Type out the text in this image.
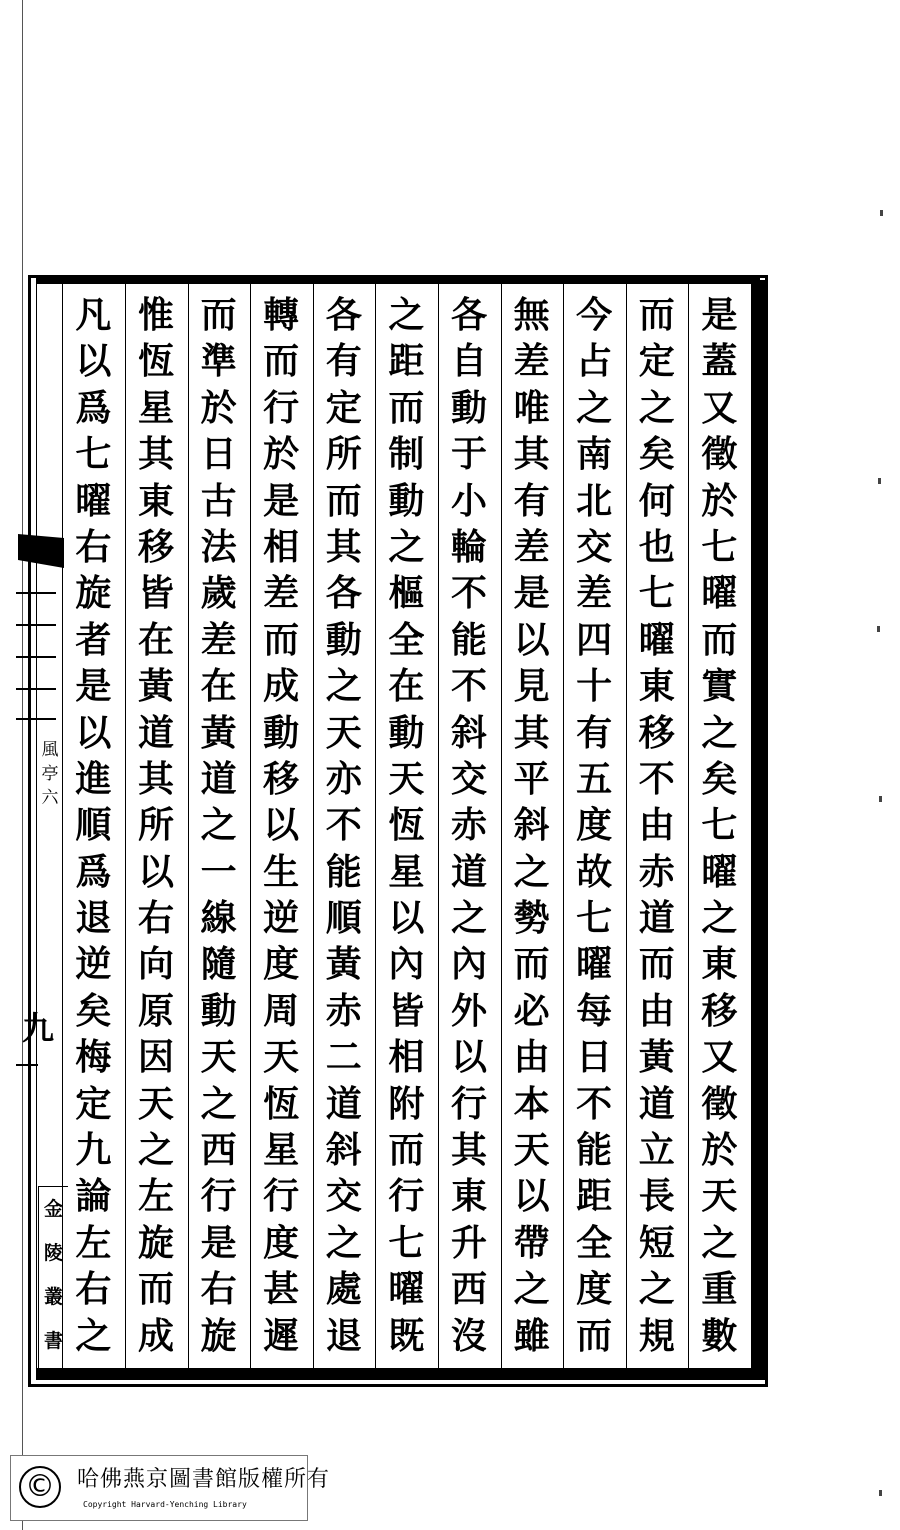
風
亭
六
九
金
陵
叢
書
是
蓋
又
徵
於
七
曜
而
實
之
矣
七
曜
之
東
移
又
徵
於
天
之
重
數
而
定
之
矣
何
也
七
曜
東
移
不
由
赤
道
而
由
黃
道
立
長
短
之
規
今
占
之
南
北
交
差
四
十
有
五
度
故
七
曜
每
日
不
能
距
全
度
而
無
差
唯
其
有
差
是
以
見
其
平
斜
之
勢
而
必
由
本
天
以
帶
之
雖
各
自
動
于
小
輪
不
能
不
斜
交
赤
道
之
內
外
以
行
其
東
升
西
沒
之
距
而
制
動
之
樞
全
在
動
天
恆
星
以
內
皆
相
附
而
行
七
曜
既
各
有
定
所
而
其
各
動
之
天
亦
不
能
順
黃
赤
二
道
斜
交
之
處
退
轉
而
行
於
是
相
差
而
成
動
移
以
生
逆
度
周
天
恆
星
行
度
甚
遲
而
準
於
日
古
法
歲
差
在
黃
道
之
一
線
隨
動
天
之
西
行
是
右
旋
惟
恆
星
其
東
移
皆
在
黃
道
其
所
以
右
向
原
因
天
之
左
旋
而
成
凡
以
爲
七
曜
右
旋
者
是
以
進
順
爲
退
逆
矣
梅
定
九
論
左
右
之
© 哈佛燕京圖書館版權所有
Copyright Harvard-Yenching Library
